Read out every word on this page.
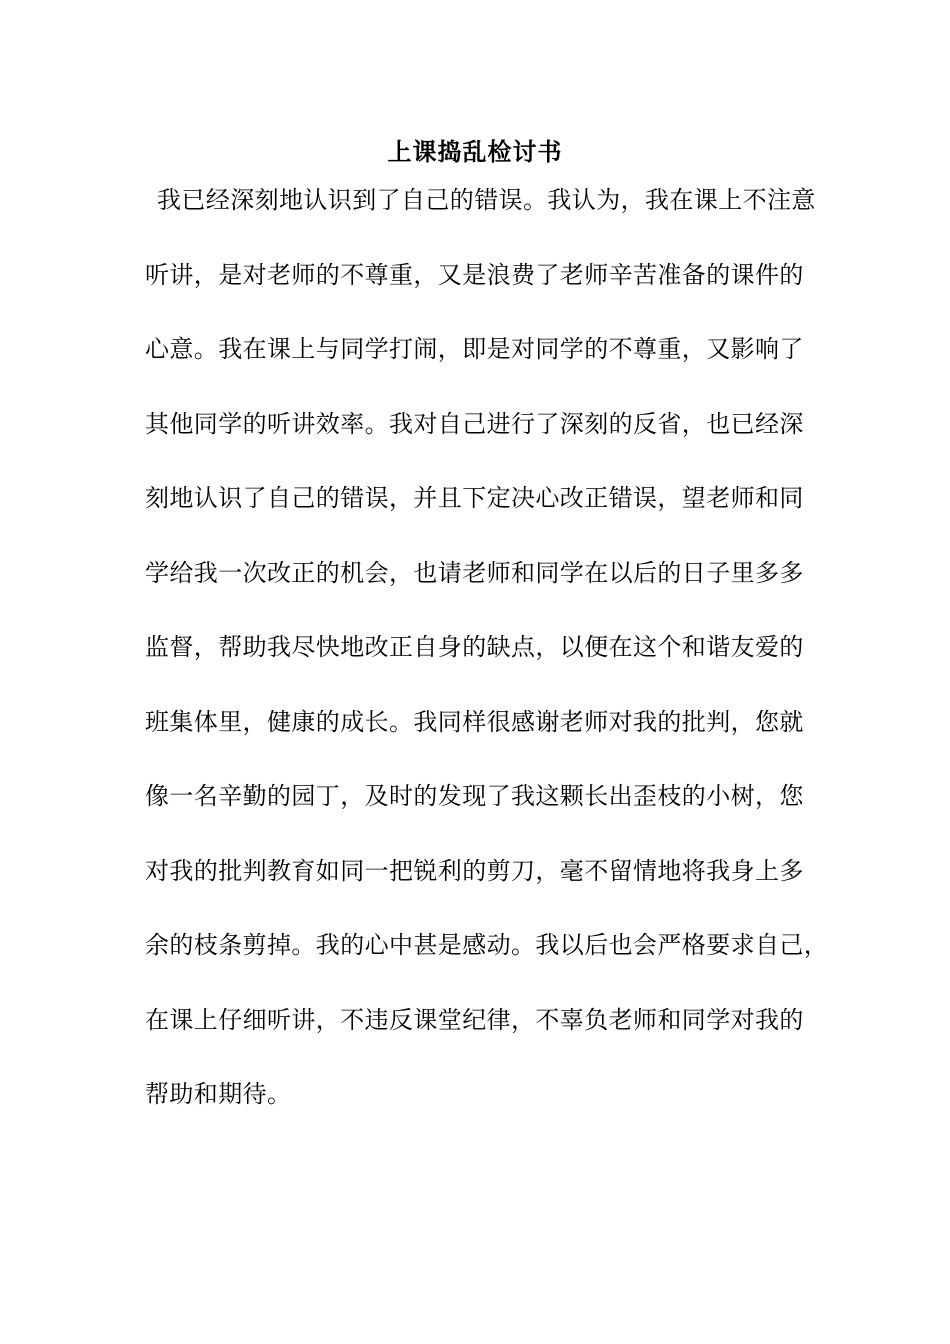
上课捣乱检讨书
我已经深刻地认识到了自己的错误。我认为，我在课上不注意
听讲，是对老师的不尊重，又是浪费了老师辛苦准备的课件的
心意。我在课上与同学打闹，即是对同学的不尊重，又影响了
其他同学的听讲效率。我对自己进行了深刻的反省，也已经深
刻地认识了自己的错误，并且下定决心改正错误，望老师和同
学给我一次改正的机会，也请老师和同学在以后的日子里多多
监督，帮助我尽快地改正自身的缺点，以便在这个和谐友爱的
班集体里，健康的成长。我同样很感谢老师对我的批判，您就
像一名辛勤的园丁，及时的发现了我这颗长出歪枝的小树，您
对我的批判教育如同一把锐利的剪刀，毫不留情地将我身上多
余的枝条剪掉。我的心中甚是感动。我以后也会严格要求自己，
在课上仔细听讲，不违反课堂纪律，不辜负老师和同学对我的
帮助和期待。
